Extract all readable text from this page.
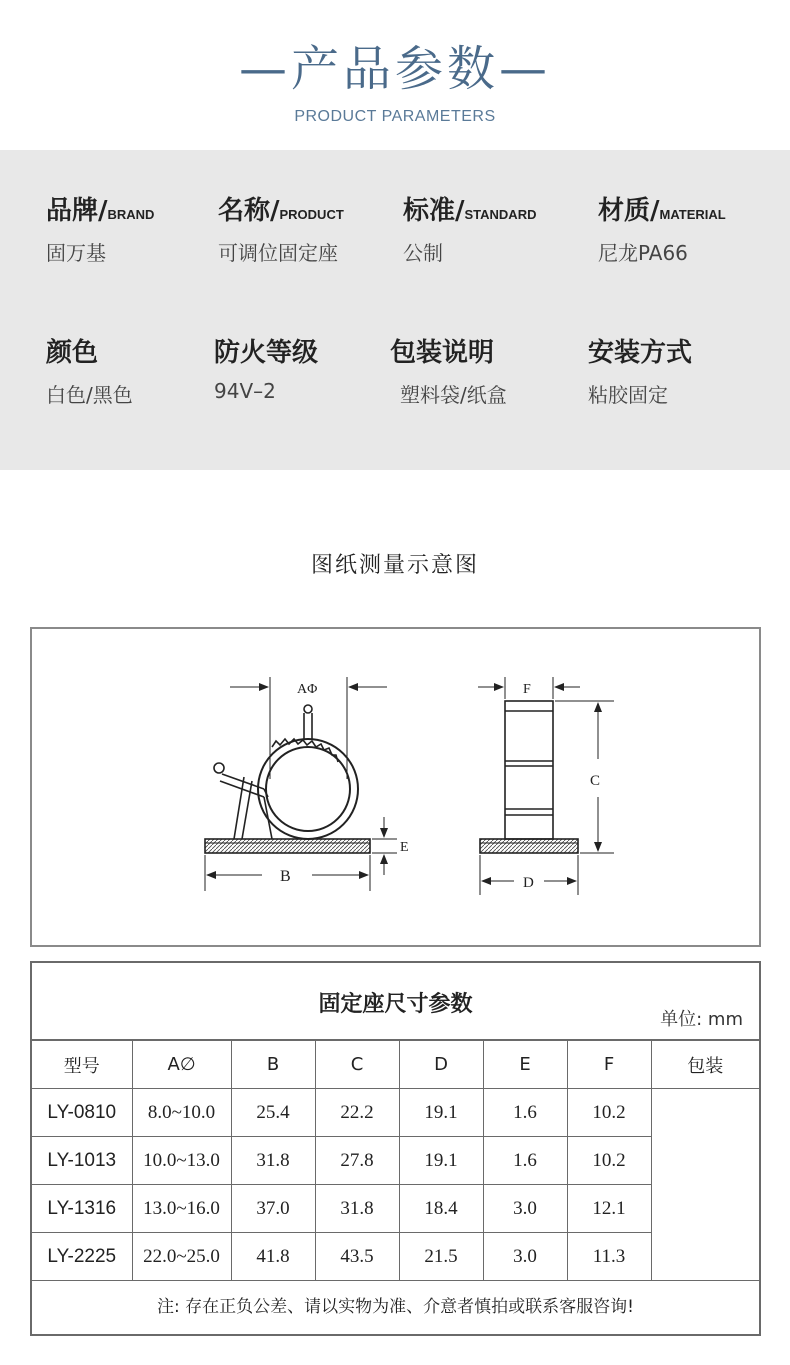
—产品参数—
PRODUCT PARAMETERS
品牌/BRAND
固万基
名称/PRODUCT
可调位固定座
标准/STANDARD
公制
材质/MATERIAL
尼龙PA66
颜色
白色/黑色
防火等级
94V–2
包装说明
塑料袋/纸盒
安装方式
粘胶固定
图纸测量示意图
AΦ
B
E
F
C
D
固定座尺寸参数
单位: mm
型号	A∅	B	C	D	E	F	包装
LY-0810	8.0~10.0	25.4	22.2	19.1	1.6	10.2	
LY-1013	10.0~13.0	31.8	27.8	19.1	1.6	10.2	
LY-1316	13.0~16.0	37.0	31.8	18.4	3.0	12.1	
LY-2225	22.0~25.0	41.8	43.5	21.5	3.0	11.3	
注: 存在正负公差、请以实物为准、介意者慎拍或联系客服咨询!							
